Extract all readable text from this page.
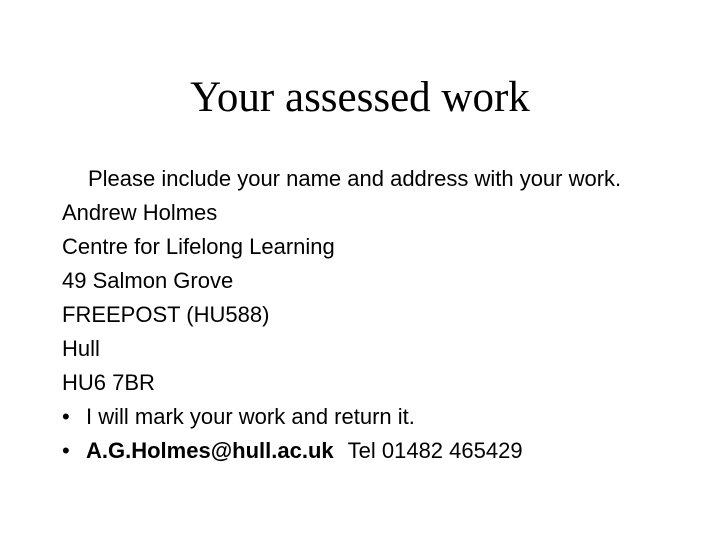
Your assessed work
Please include your name and address with your work.
Andrew Holmes
Centre for Lifelong Learning
49 Salmon Grove
FREEPOST (HU588)
Hull
HU6 7BR
• I will mark your work and return it.
• A.G.Holmes@hull.ac.uk Tel 01482 465429
